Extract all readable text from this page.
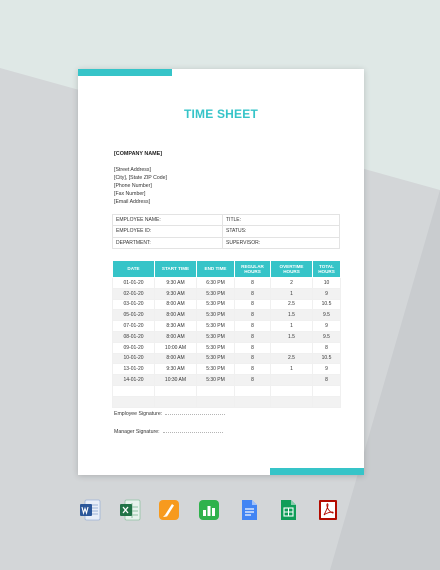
TIME SHEET
[COMPANY NAME]
[Street Address]
[City], [State ZIP Code]
[Phone Number]
[Fax Number]
[Email Address]
EMPLOYEE NAME:	TITLE:
EMPLOYEE ID:	STATUS:
DEPARTMENT:	SUPERVISOR:
DATE	START TIME	END TIME	REGULAR HOURS	OVERTIME HOURS	TOTAL HOURS
01-01-20	9:30 AM	6:30 PM	8	2	10
02-01-20	9:30 AM	5:30 PM	8	1	9
03-01-20	8:00 AM	5:30 PM	8	2.5	10.5
05-01-20	8:00 AM	5:30 PM	8	1.5	9.5
07-01-20	8:30 AM	5:30 PM	8	1	9
08-01-20	8:00 AM	5:30 PM	8	1.5	9.5
09-01-20	10:00 AM	5:30 PM	8		8
10-01-20	8:00 AM	5:30 PM	8	2.5	10.5
13-01-20	9:30 AM	5:30 PM	8	1	9
14-01-20	10:30 AM	5:30 PM	8		8

Employee Signature:
Manager Signature:
